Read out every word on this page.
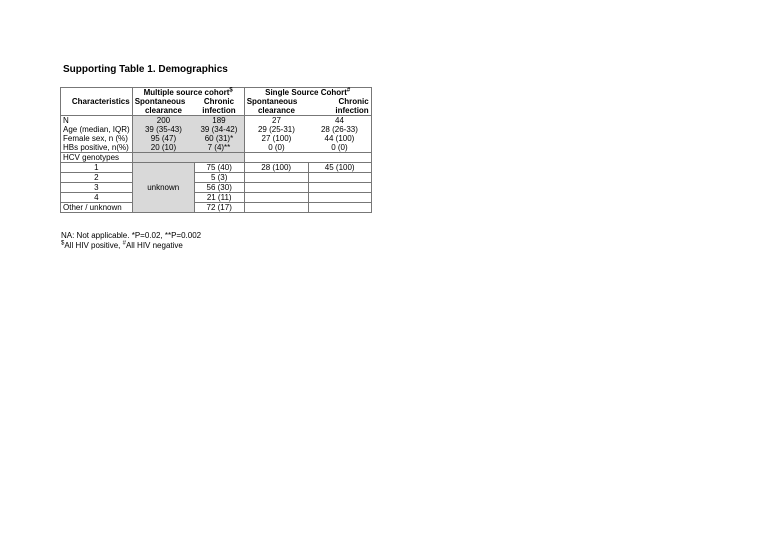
Supporting Table 1. Demographics
	Multiple source cohort$		Single Source Cohort#
Characteristics	Spontaneous	Chronic	Spontaneous	Chronic
	clearance	infection	clearance	infection
N	200	189	27	44
Age (median, IQR)	39 (35-43)	39 (34-42)	29 (25-31)	28 (26-33)
Female sex, n (%)	95 (47)	60 (31)*	27 (100)	44 (100)
HBs positive, n(%)	20 (10)	7 (4)**	0 (0)	0 (0)
HCV genotypes				
1	unknown	75 (40)	28 (100)	45 (100)
2		5 (3)		
3		56 (30)		
4		21 (11)		
Other / unknown		72 (17)		
NA: Not applicable. *P=0.02, **P=0.002
$All HIV positive, #All HIV negative
